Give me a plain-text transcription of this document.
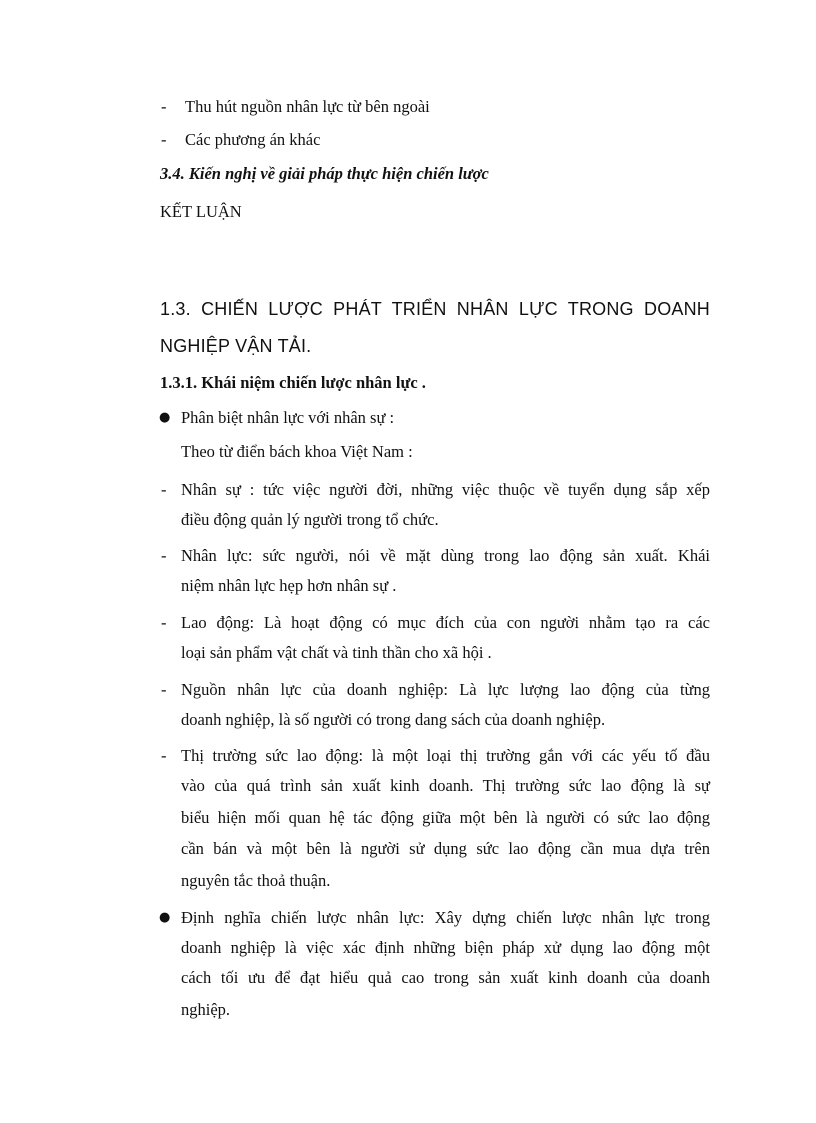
-	Thu hút nguồn nhân lực từ bên ngoài
-	Các phương án khác
3.4. Kiến nghị về giải pháp thực hiện chiến lược
KẾT LUẬN
1.3. CHIẾN LƯỢC PHÁT TRIỂN NHÂN LỰC TRONG DOANH
NGHIỆP VẬN TẢI.
1.3.1. Khái niệm chiến lược nhân lực .
● Phân biệt nhân lực với nhân sự :
Theo từ điển bách khoa Việt Nam :
- Nhân sự : tức việc người đời, những việc thuộc về tuyển dụng sắp xếp
điều động quản lý người trong tổ chức.
- Nhân lực: sức người, nói về mặt dùng trong lao động sản xuất. Khái
niệm nhân lực hẹp hơn nhân sự .
- Lao động: Là hoạt động có mục đích của con người nhằm tạo ra các
loại sản phẩm vật chất và tinh thần cho xã hội .
- Nguồn nhân lực của doanh nghiệp: Là lực lượng lao động của từng
doanh nghiệp, là số người có trong dang sách của doanh nghiệp.
- Thị trường sức lao động: là một loại thị trường gắn với các yếu tố đầu
vào của quá trình sản xuất kinh doanh. Thị trường sức lao động là sự
biểu hiện mối quan hệ tác động giữa một bên là người có sức lao động
cần bán và một bên là người sử dụng sức lao động cần mua dựa trên
nguyên tắc thoả thuận.
● Định nghĩa chiến lược nhân lực: Xây dựng chiến lược nhân lực trong
doanh nghiệp là việc xác định những biện pháp xử dụng lao động một
cách tối ưu để đạt hiểu quả cao trong sản xuất kinh doanh của doanh
nghiệp.
